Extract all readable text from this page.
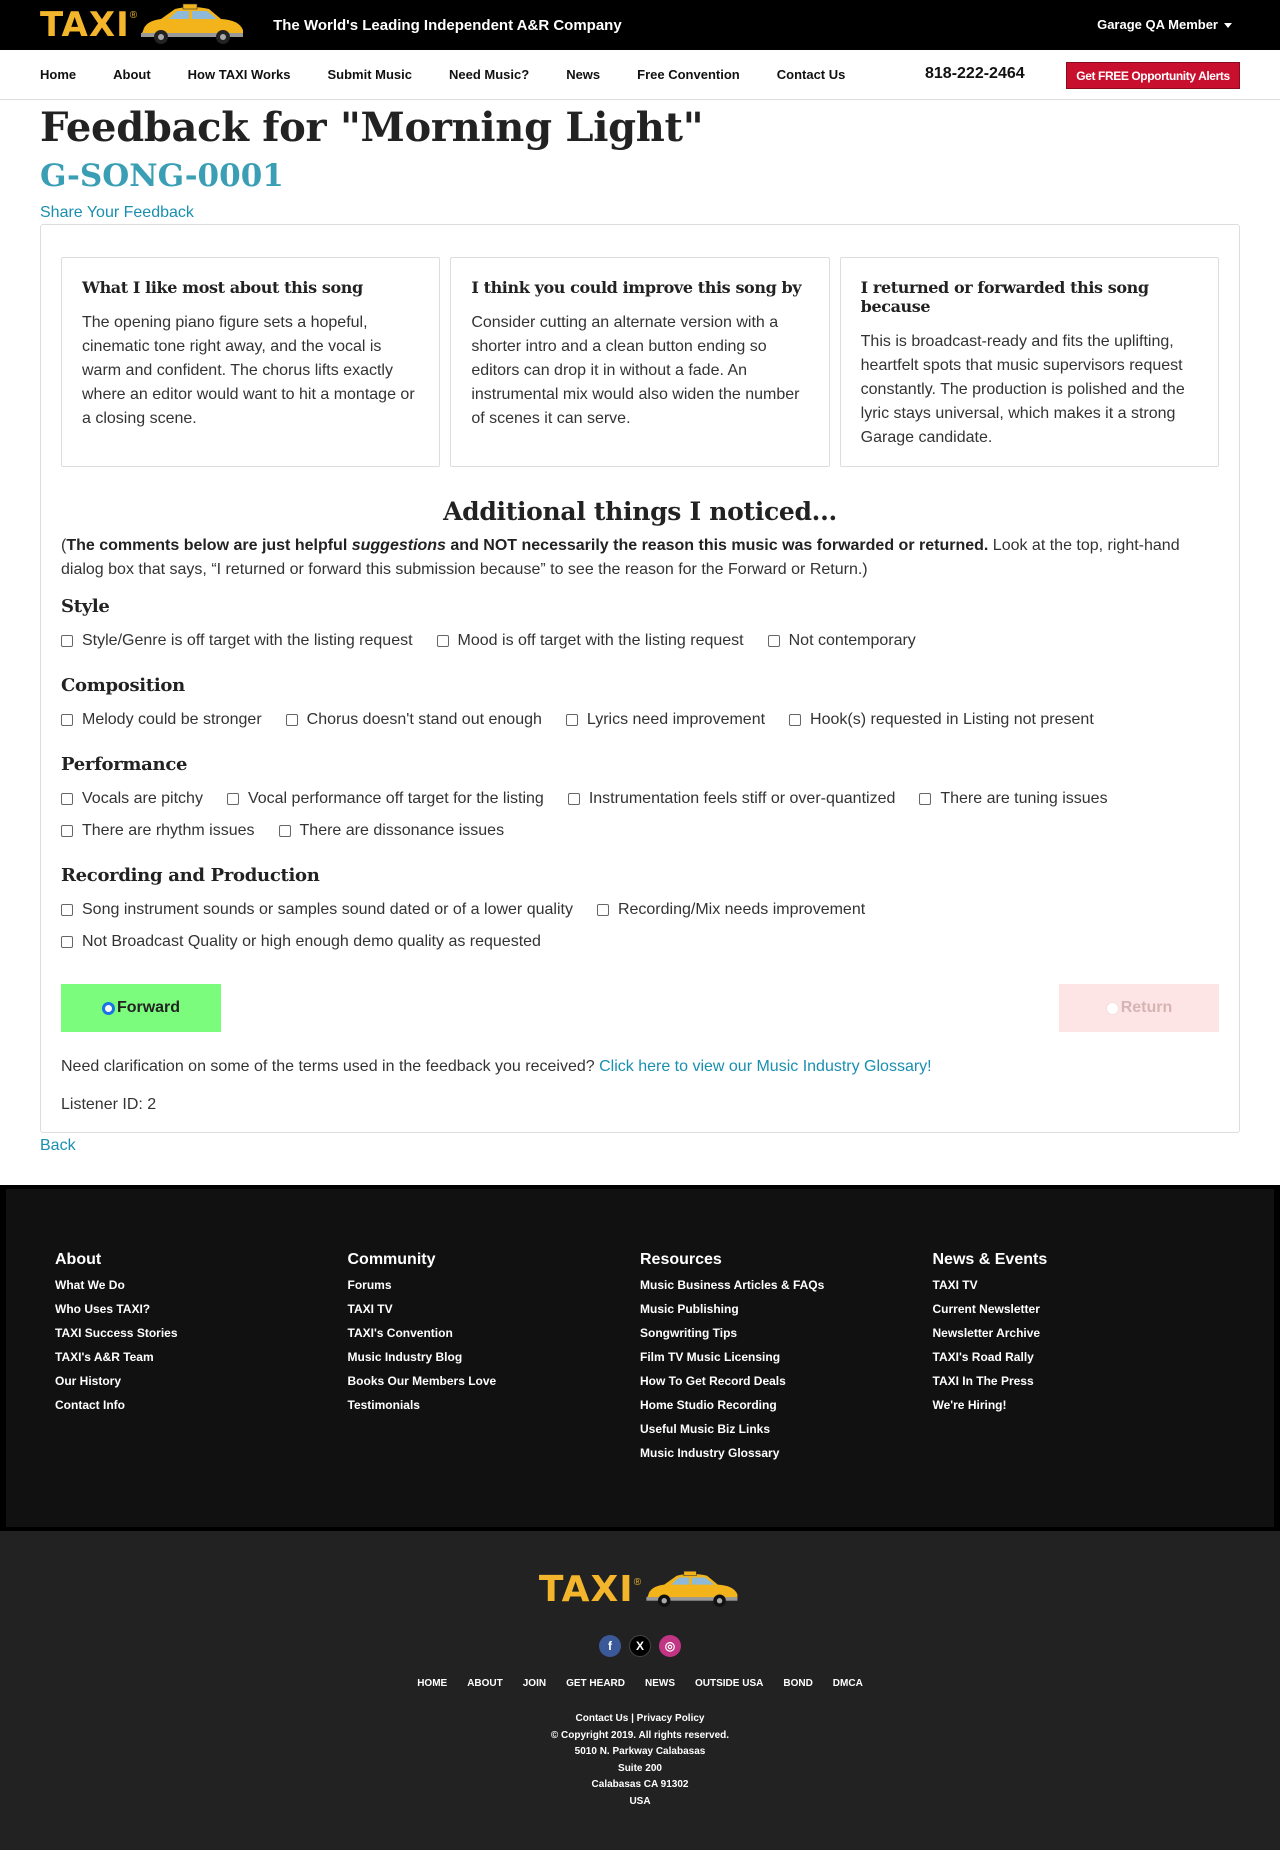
TAXI ®
The World's Leading Independent A&R Company	Garage QA Member
Home	About	How TAXI Works	Submit Music	Need Music?	News	Free Convention	Contact Us	818-222-2464	Get FREE Opportunity Alerts
Feedback for "Morning Light"
G-SONG-0001
Share Your Feedback
What I like most about this song

The opening piano figure sets a hopeful, cinematic tone right away, and the vocal is warm and confident. The chorus lifts exactly where an editor would want to hit a montage or a closing scene.

I think you could improve this song by

Consider cutting an alternate version with a shorter intro and a clean button ending so editors can drop it in without a fade. An instrumental mix would also widen the number of scenes it can serve.

I returned or forwarded this song because

This is broadcast-ready and fits the uplifting, heartfelt spots that music supervisors request constantly. The production is polished and the lyric stays universal, which makes it a strong Garage candidate.

Additional things I noticed...

(The comments below are just helpful suggestions and NOT necessarily the reason this music was forwarded or returned. Look at the top, right-hand dialog box that says, “I returned or forward this submission because” to see the reason for the Forward or Return.)

Style
Style/Genre is off target with the listing request	Mood is off target with the listing request	Not contemporary
Composition
Melody could be stronger	Chorus doesn't stand out enough	Lyrics need improvement	Hook(s) requested in Listing not present
Performance
Vocals are pitchy	Vocal performance off target for the listing	Instrumentation feels stiff or over-quantized	There are tuning issues
There are rhythm issues	There are dissonance issues
Recording and Production
Song instrument sounds or samples sound dated or of a lower quality	Recording/Mix needs improvement
Not Broadcast Quality or high enough demo quality as requested
Forward	Return

Need clarification on some of the terms used in the feedback you received? Click here to view our Music Industry Glossary!

Listener ID: 2

Back
About
What We Do
Who Uses TAXI?
TAXI Success Stories
TAXI's A&R Team
Our History
Contact Info
Community
Forums
TAXI TV
TAXI's Convention
Music Industry Blog
Books Our Members Love
Testimonials
Resources
Music Business Articles & FAQs
Music Publishing
Songwriting Tips
Film TV Music Licensing
How To Get Record Deals
Home Studio Recording
Useful Music Biz Links
Music Industry Glossary
News & Events
TAXI TV
Current Newsletter
Newsletter Archive
TAXI's Road Rally
TAXI In The Press
We're Hiring!
TAXI ®
f	X	◎
HOME ABOUT JOIN GET HEARD NEWS OUTSIDE USA BOND DMCA
Contact Us | Privacy Policy
© Copyright 2019. All rights reserved.
5010 N. Parkway Calabasas
Suite 200
Calabasas CA 91302
USA
